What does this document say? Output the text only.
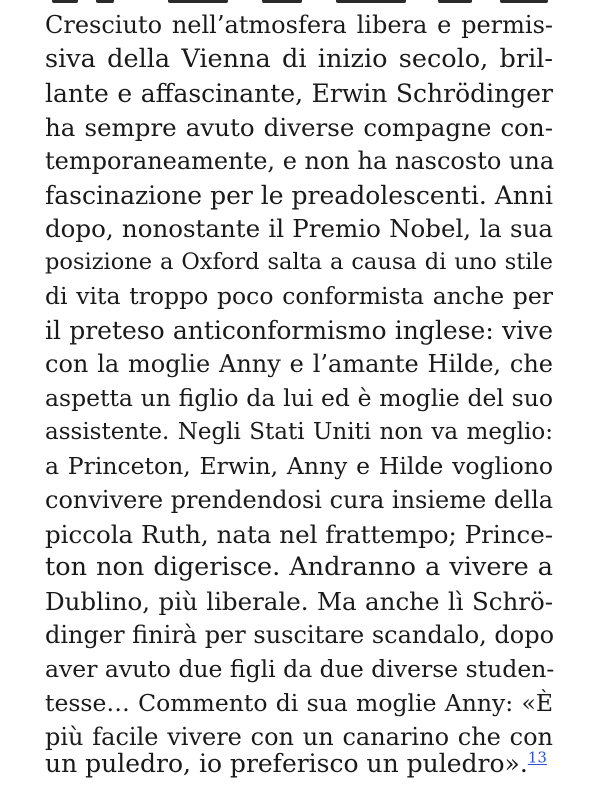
Cresciuto nell’atmosfera libera e permis-
siva della Vienna di inizio secolo, bril-
lante e affascinante, Erwin Schrödinger
ha sempre avuto diverse compagne con-
temporaneamente, e non ha nascosto una
fascinazione per le preadolescenti. Anni
dopo, nonostante il Premio Nobel, la sua
posizione a Oxford salta a causa di uno stile
di vita troppo poco conformista anche per
il preteso anticonformismo inglese: vive
con la moglie Anny e l’amante Hilde, che
aspetta un figlio da lui ed è moglie del suo
assistente. Negli Stati Uniti non va meglio:
a Princeton, Erwin, Anny e Hilde vogliono
convivere prendendosi cura insieme della
piccola Ruth, nata nel frattempo; Prince-
ton non digerisce. Andranno a vivere a
Dublino, più liberale. Ma anche lì Schrö-
dinger finirà per suscitare scandalo, dopo
aver avuto due figli da due diverse studen-
tesse… Commento di sua moglie Anny: «È
più facile vivere con un canarino che con
un puledro, io preferisco un puledro».$^{13}$
